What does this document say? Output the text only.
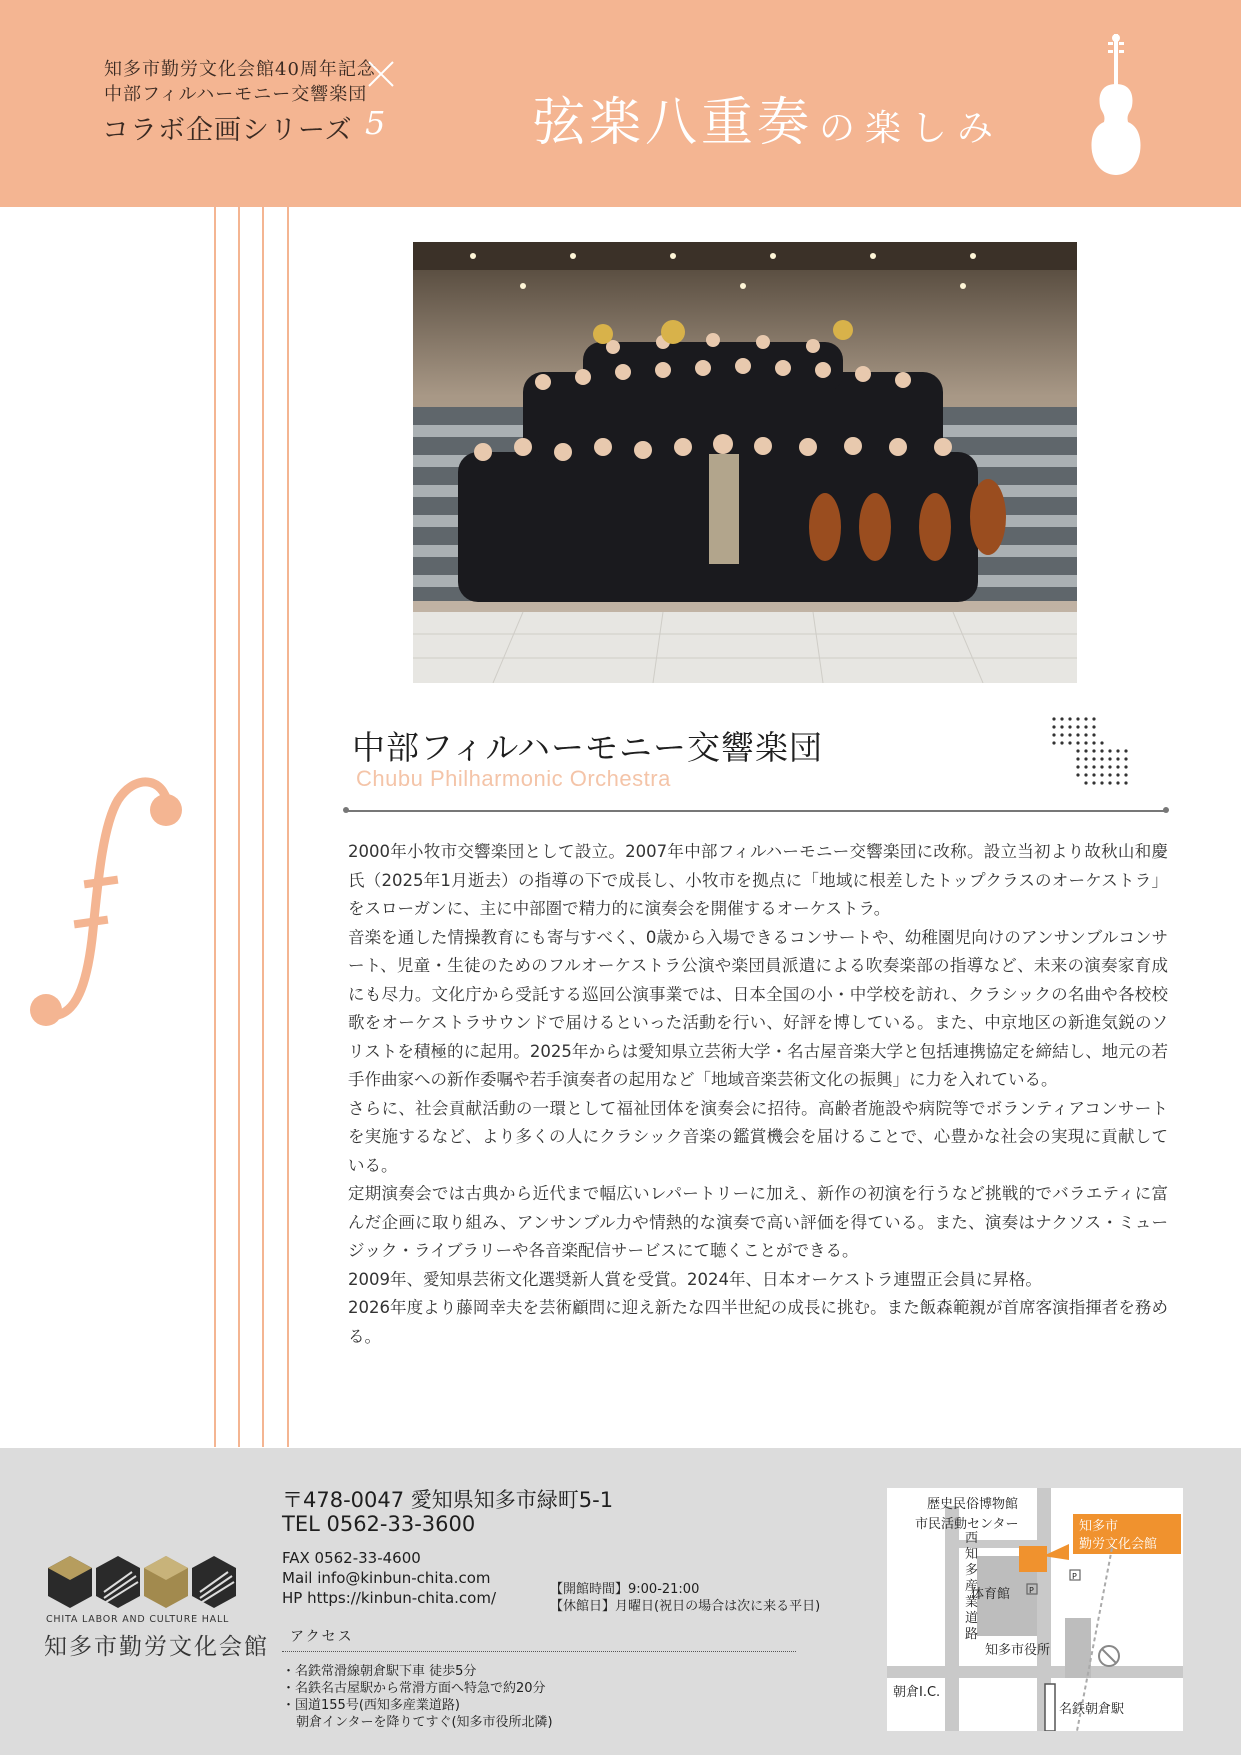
知多市勤労文化会館40周年記念
中部フィルハーモニー交響楽団
コラボ企画シリーズ 5	弦楽八重奏 の楽しみ
中部フィルハーモニー交響楽団
Chubu Philharmonic Orchestra

2000年小牧市交響楽団として設立。2007年中部フィルハーモニー交響楽団に改称。設立当初より故秋山和慶氏（2025年1月逝去）の指導の下で成長し、小牧市を拠点に「地域に根差したトップクラスのオーケストラ」をスローガンに、主に中部圏で精力的に演奏会を開催するオーケストラ。

音楽を通した情操教育にも寄与すべく、0歳から入場できるコンサートや、幼稚園児向けのアンサンブルコンサート、児童・生徒のためのフルオーケストラ公演や楽団員派遣による吹奏楽部の指導など、未来の演奏家育成にも尽力。文化庁から受託する巡回公演事業では、日本全国の小・中学校を訪れ、クラシックの名曲や各校校歌をオーケストラサウンドで届けるといった活動を行い、好評を博している。また、中京地区の新進気鋭のソリストを積極的に起用。2025年からは愛知県立芸術大学・名古屋音楽大学と包括連携協定を締結し、地元の若手作曲家への新作委嘱や若手演奏者の起用など「地域音楽芸術文化の振興」に力を入れている。

さらに、社会貢献活動の一環として福祉団体を演奏会に招待。高齢者施設や病院等でボランティアコンサートを実施するなど、より多くの人にクラシック音楽の鑑賞機会を届けることで、心豊かな社会の実現に貢献している。

定期演奏会では古典から近代まで幅広いレパートリーに加え、新作の初演を行うなど挑戦的でバラエティに富んだ企画に取り組み、アンサンブル力や情熱的な演奏で高い評価を得ている。また、演奏はナクソス・ミュージック・ライブラリーや各音楽配信サービスにて聴くことができる。

2009年、愛知県芸術文化選奨新人賞を受賞。2024年、日本オーケストラ連盟正会員に昇格。

2026年度より藤岡幸夫を芸術顧問に迎え新たな四半世紀の成長に挑む。また飯森範親が首席客演指揮者を務める。

CHITA LABOR AND CULTURE HALL
知多市勤労文化会館
〒478-0047 愛知県知多市緑町5-1
TEL 0562-33-3600
FAX 0562-33-4600
Mail info@kinbun-chita.com
HP https://kinbun-chita.com/	【開館時間】9:00-21:00
【休館日】月曜日(祝日の場合は次に来る平日)
アクセス
・名鉄常滑線朝倉駅下車 徒歩5分
・名鉄名古屋駅から常滑方面へ特急で約20分
・国道155号(西知多産業道路)
朝倉インターを降りてすぐ(知多市役所北隣)
歴史民俗博物館
市民活動センター
体育館 P
P
知多市役所
朝倉I.C.
名鉄朝倉駅
知多市
勤労文化会館
西知多産業道路
